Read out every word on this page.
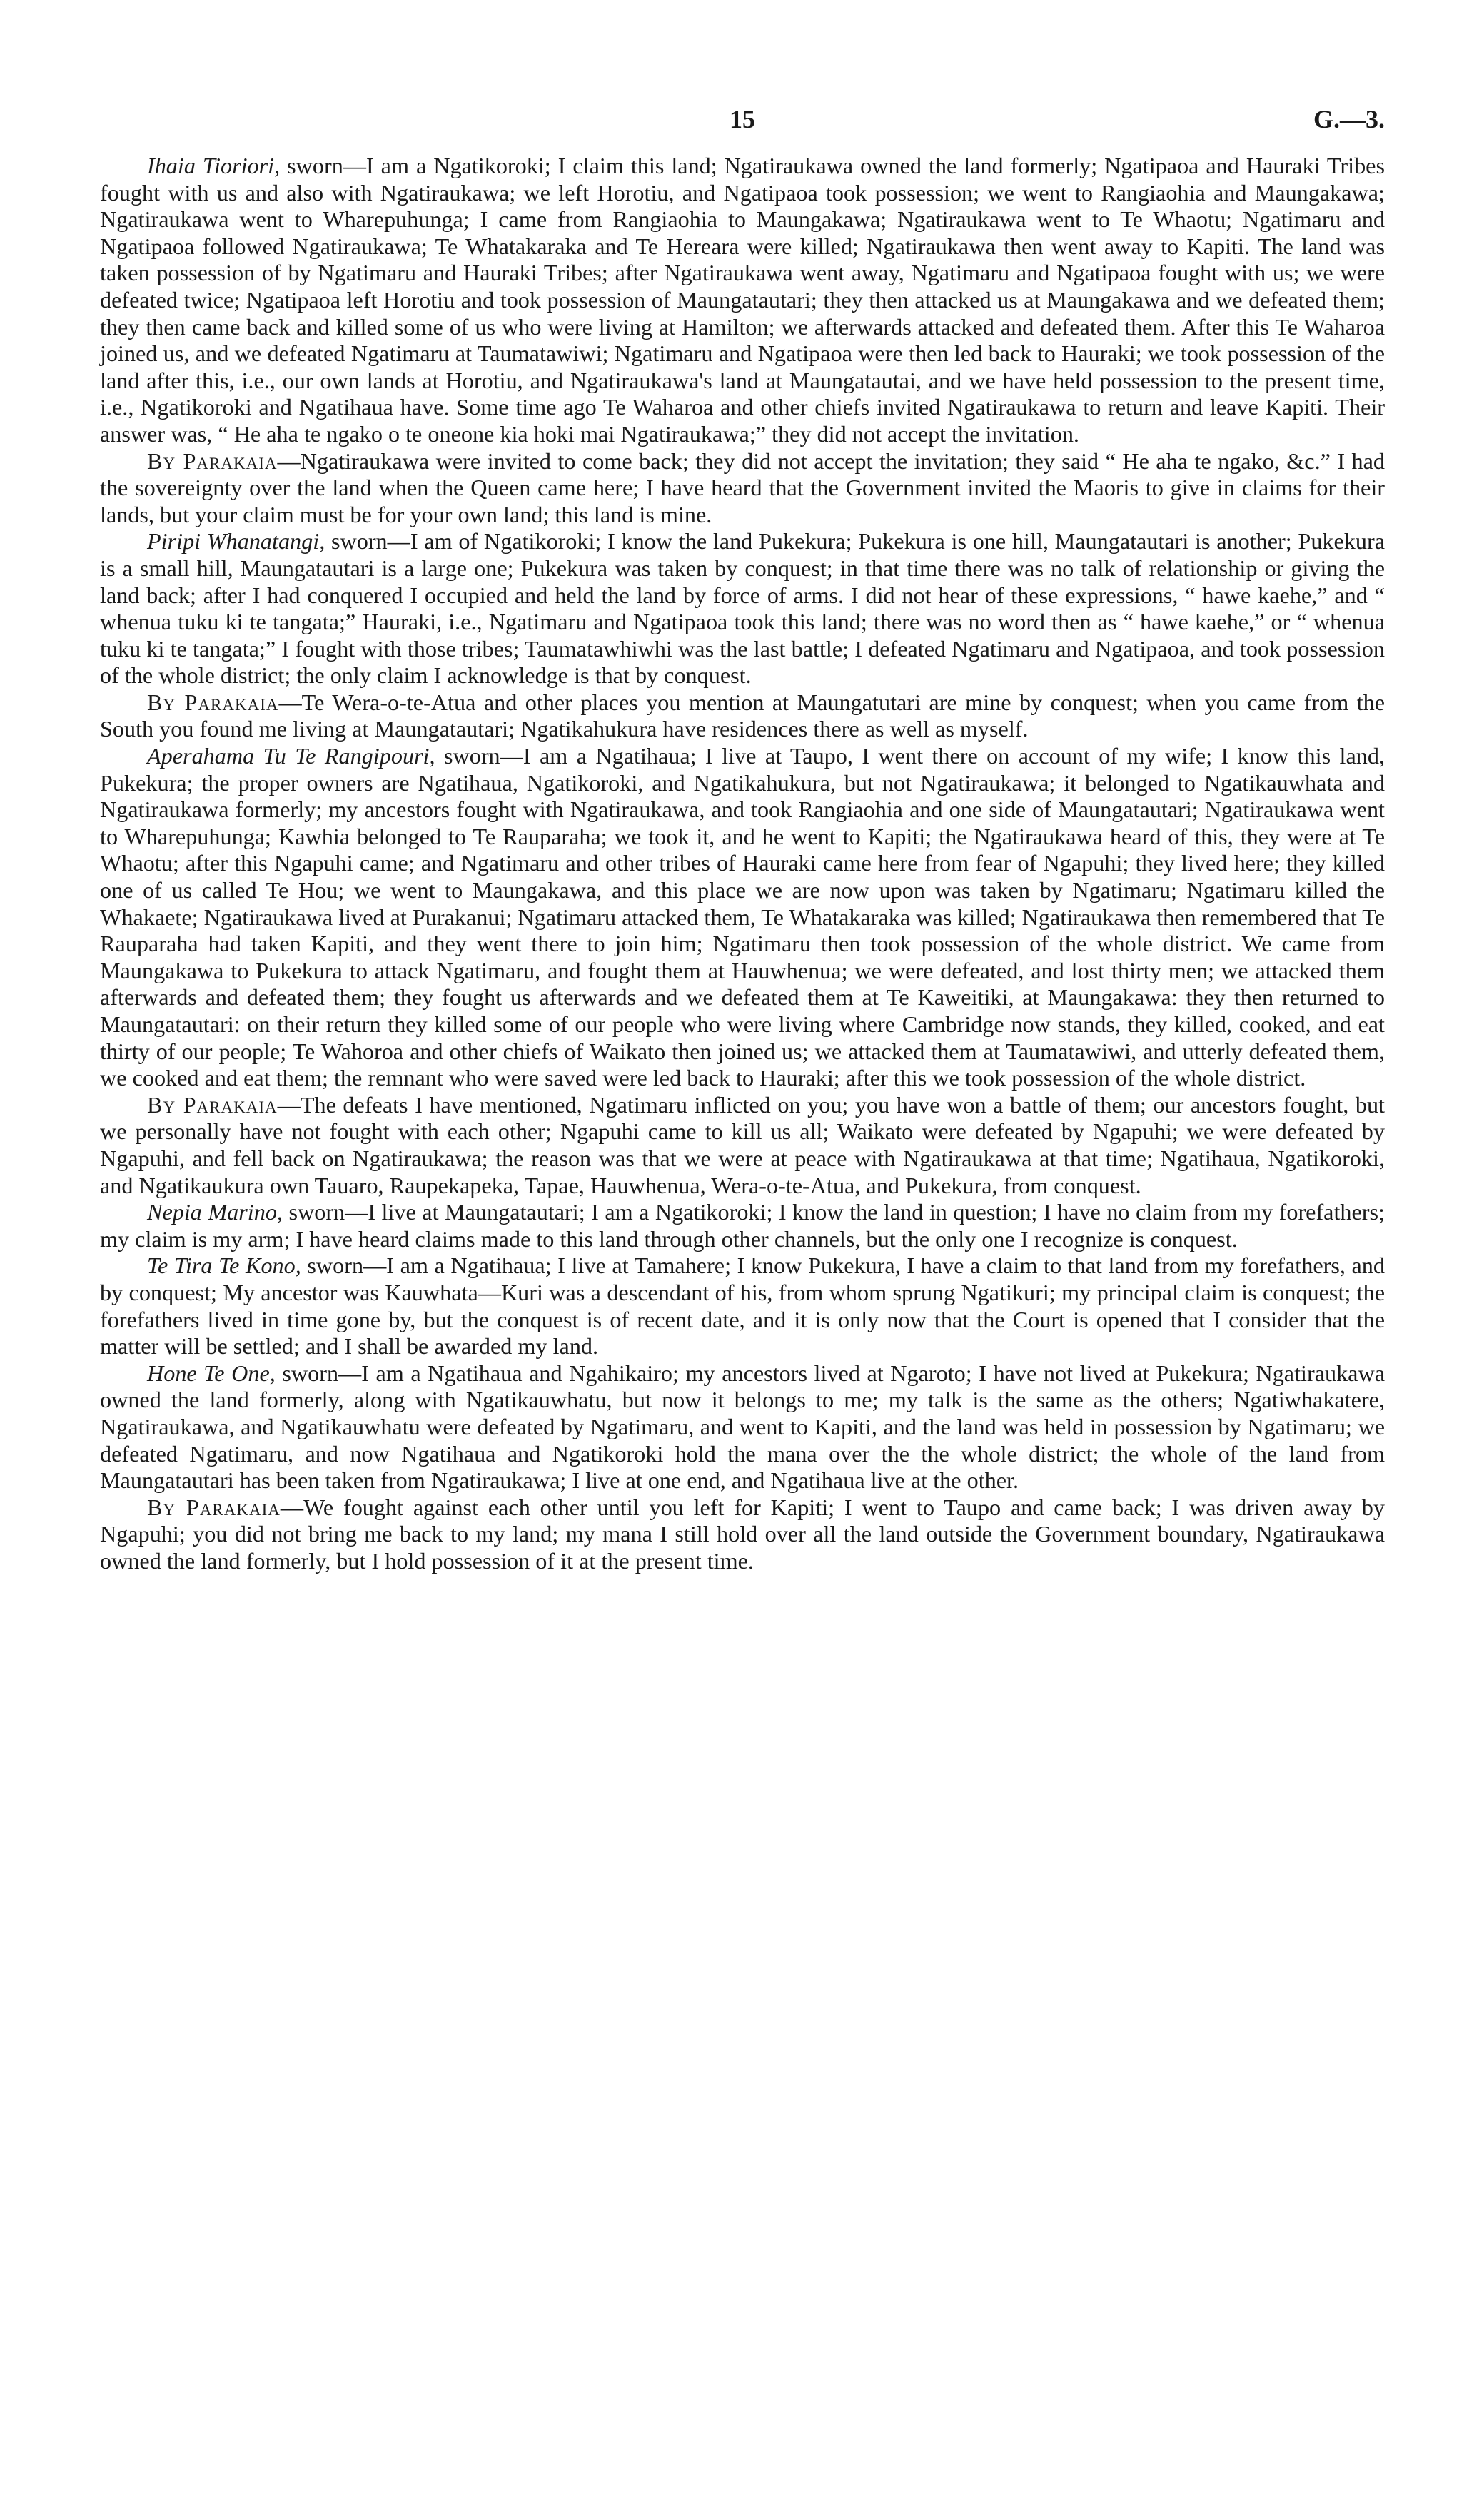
15	G.—3.

Ihaia Tioriori, sworn—I am a Ngatikoroki; I claim this land; Ngatiraukawa owned the land formerly; Ngatipaoa and Hauraki Tribes fought with us and also with Ngatiraukawa; we left Horotiu, and Ngatipaoa took possession; we went to Rangiaohia and Maungakawa; Ngatiraukawa went to Wharepuhunga; I came from Rangiaohia to Maungakawa; Ngatiraukawa went to Te Whaotu; Ngatimaru and Ngatipaoa followed Ngatiraukawa; Te Whatakaraka and Te Hereara were killed; Ngatiraukawa then went away to Kapiti. The land was taken possession of by Ngatimaru and Hauraki Tribes; after Ngatiraukawa went away, Ngatimaru and Ngatipaoa fought with us; we were defeated twice; Ngatipaoa left Horotiu and took possession of Maungatautari; they then attacked us at Maungakawa and we defeated them; they then came back and killed some of us who were living at Hamilton; we afterwards attacked and defeated them. After this Te Waharoa joined us, and we defeated Ngatimaru at Taumatawiwi; Ngatimaru and Ngatipaoa were then led back to Hauraki; we took possession of the land after this, i.e., our own lands at Horotiu, and Ngatiraukawa's land at Maungatautai, and we have held possession to the present time, i.e., Ngatikoroki and Ngatihaua have. Some time ago Te Waharoa and other chiefs invited Ngatiraukawa to return and leave Kapiti. Their answer was, “ He aha te ngako o te oneone kia hoki mai Ngatiraukawa;” they did not accept the invitation.

By Parakaia—Ngatiraukawa were invited to come back; they did not accept the invitation; they said “ He aha te ngako, &c.” I had the sovereignty over the land when the Queen came here; I have heard that the Government invited the Maoris to give in claims for their lands, but your claim must be for your own land; this land is mine.

Piripi Whanatangi, sworn—I am of Ngatikoroki; I know the land Pukekura; Pukekura is one hill, Maungatautari is another; Pukekura is a small hill, Maungatautari is a large one; Pukekura was taken by conquest; in that time there was no talk of relationship or giving the land back; after I had conquered I occupied and held the land by force of arms. I did not hear of these expressions, “ hawe kaehe,” and “ whenua tuku ki te tangata;” Hauraki, i.e., Ngatimaru and Ngatipaoa took this land; there was no word then as “ hawe kaehe,” or “ whenua tuku ki te tangata;” I fought with those tribes; Taumatawhiwhi was the last battle; I defeated Ngatimaru and Ngatipaoa, and took possession of the whole district; the only claim I acknowledge is that by conquest.

By Parakaia—Te Wera-o-te-Atua and other places you mention at Maungatutari are mine by conquest; when you came from the South you found me living at Maungatautari; Ngatikahukura have residences there as well as myself.

Aperahama Tu Te Rangipouri, sworn—I am a Ngatihaua; I live at Taupo, I went there on account of my wife; I know this land, Pukekura; the proper owners are Ngatihaua, Ngatikoroki, and Ngatikahukura, but not Ngatiraukawa; it belonged to Ngatikauwhata and Ngatiraukawa formerly; my ancestors fought with Ngatiraukawa, and took Rangiaohia and one side of Maungatautari; Ngatiraukawa went to Wharepuhunga; Kawhia belonged to Te Rauparaha; we took it, and he went to Kapiti; the Ngatiraukawa heard of this, they were at Te Whaotu; after this Ngapuhi came; and Ngatimaru and other tribes of Hauraki came here from fear of Ngapuhi; they lived here; they killed one of us called Te Hou; we went to Maungakawa, and this place we are now upon was taken by Ngatimaru; Ngatimaru killed the Whakaete; Ngatiraukawa lived at Purakanui; Ngatimaru attacked them, Te Whatakaraka was killed; Ngatiraukawa then remembered that Te Rauparaha had taken Kapiti, and they went there to join him; Ngatimaru then took possession of the whole district. We came from Maungakawa to Pukekura to attack Ngatimaru, and fought them at Hauwhenua; we were defeated, and lost thirty men; we attacked them afterwards and defeated them; they fought us afterwards and we defeated them at Te Kaweitiki, at Maungakawa: they then returned to Maungatautari: on their return they killed some of our people who were living where Cambridge now stands, they killed, cooked, and eat thirty of our people; Te Wahoroa and other chiefs of Waikato then joined us; we attacked them at Taumatawiwi, and utterly defeated them, we cooked and eat them; the remnant who were saved were led back to Hauraki; after this we took possession of the whole district.

By Parakaia—The defeats I have mentioned, Ngatimaru inflicted on you; you have won a battle of them; our ancestors fought, but we personally have not fought with each other; Ngapuhi came to kill us all; Waikato were defeated by Ngapuhi; we were defeated by Ngapuhi, and fell back on Ngatiraukawa; the reason was that we were at peace with Ngatiraukawa at that time; Ngatihaua, Ngatikoroki, and Ngatikaukura own Tauaro, Raupekapeka, Tapae, Hauwhenua, Wera-o-te-Atua, and Pukekura, from conquest.

Nepia Marino, sworn—I live at Maungatautari; I am a Ngatikoroki; I know the land in question; I have no claim from my forefathers; my claim is my arm; I have heard claims made to this land through other channels, but the only one I recognize is conquest.

Te Tira Te Kono, sworn—I am a Ngatihaua; I live at Tamahere; I know Pukekura, I have a claim to that land from my forefathers, and by conquest; My ancestor was Kauwhata—Kuri was a descendant of his, from whom sprung Ngatikuri; my principal claim is conquest; the forefathers lived in time gone by, but the conquest is of recent date, and it is only now that the Court is opened that I consider that the matter will be settled; and I shall be awarded my land.

Hone Te One, sworn—I am a Ngatihaua and Ngahikairo; my ancestors lived at Ngaroto; I have not lived at Pukekura; Ngatiraukawa owned the land formerly, along with Ngatikauwhatu, but now it belongs to me; my talk is the same as the others; Ngatiwhakatere, Ngatiraukawa, and Ngatikauwhatu were defeated by Ngatimaru, and went to Kapiti, and the land was held in possession by Ngatimaru; we defeated Ngatimaru, and now Ngatihaua and Ngatikoroki hold the mana over the the whole district; the whole of the land from Maungatautari has been taken from Ngatiraukawa; I live at one end, and Ngatihaua live at the other.

By Parakaia—We fought against each other until you left for Kapiti; I went to Taupo and came back; I was driven away by Ngapuhi; you did not bring me back to my land; my mana I still hold over all the land outside the Government boundary, Ngatiraukawa owned the land formerly, but I hold possession of it at the present time.
